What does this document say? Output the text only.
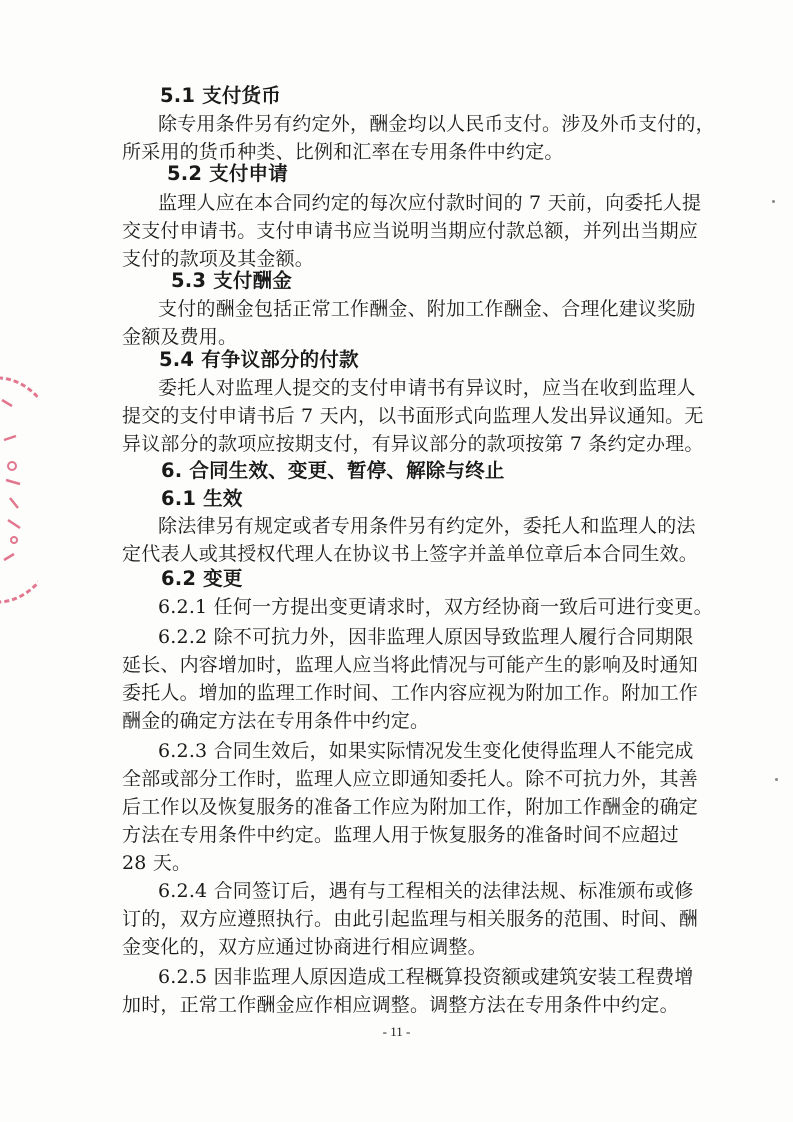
5.1 支付货币
除专用条件另有约定外，酬金均以人民币支付。涉及外币支付的，
所采用的货币种类、比例和汇率在专用条件中约定。
5.2 支付申请
监理人应在本合同约定的每次应付款时间的 7 天前，向委托人提
交支付申请书。支付申请书应当说明当期应付款总额，并列出当期应
支付的款项及其金额。
5.3 支付酬金
支付的酬金包括正常工作酬金、附加工作酬金、合理化建议奖励
金额及费用。
5.4 有争议部分的付款
委托人对监理人提交的支付申请书有异议时，应当在收到监理人
提交的支付申请书后 7 天内，以书面形式向监理人发出异议通知。无
异议部分的款项应按期支付，有异议部分的款项按第 7 条约定办理。
6. 合同生效、变更、暂停、解除与终止
6.1 生效
除法律另有规定或者专用条件另有约定外，委托人和监理人的法
定代表人或其授权代理人在协议书上签字并盖单位章后本合同生效。
6.2 变更
6.2.1 任何一方提出变更请求时，双方经协商一致后可进行变更。
6.2.2 除不可抗力外，因非监理人原因导致监理人履行合同期限
延长、内容增加时，监理人应当将此情况与可能产生的影响及时通知
委托人。增加的监理工作时间、工作内容应视为附加工作。附加工作
酬金的确定方法在专用条件中约定。
6.2.3 合同生效后，如果实际情况发生变化使得监理人不能完成
全部或部分工作时，监理人应立即通知委托人。除不可抗力外，其善
后工作以及恢复服务的准备工作应为附加工作，附加工作酬金的确定
方法在专用条件中约定。监理人用于恢复服务的准备时间不应超过
28 天。
6.2.4 合同签订后，遇有与工程相关的法律法规、标准颁布或修
订的，双方应遵照执行。由此引起监理与相关服务的范围、时间、酬
金变化的，双方应通过协商进行相应调整。
6.2.5 因非监理人原因造成工程概算投资额或建筑安装工程费增
加时，正常工作酬金应作相应调整。调整方法在专用条件中约定。
- 11 -
